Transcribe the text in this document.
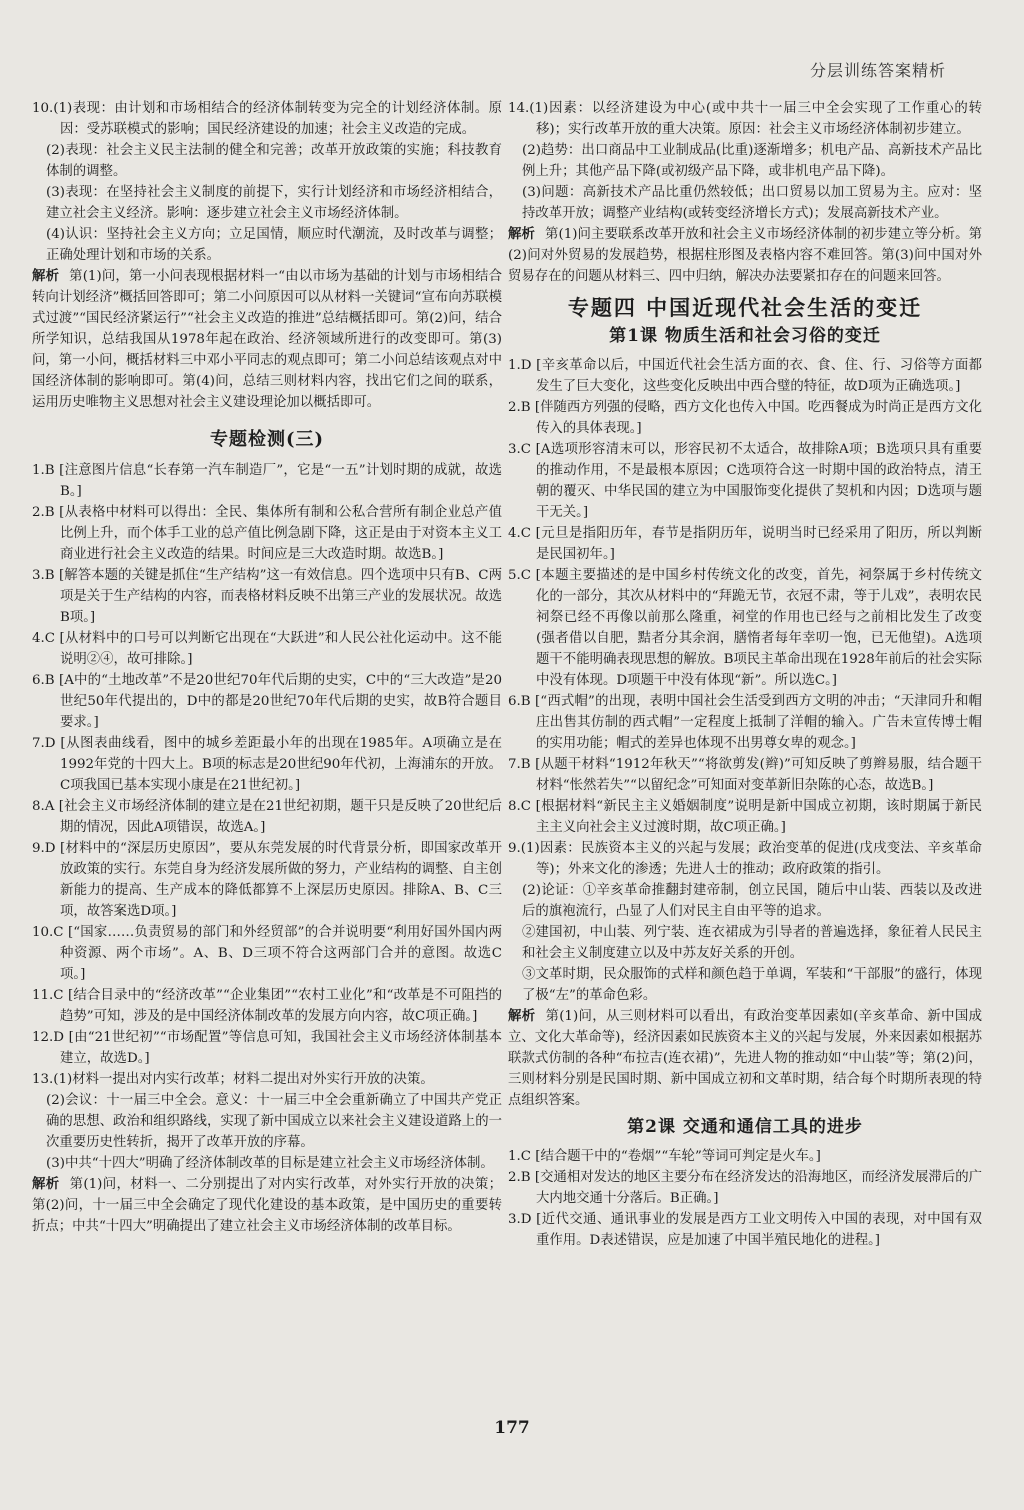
分层训练答案精析

10.(1)表现：由计划和市场相结合的经济体制转变为完全的计划经济体制。原因：受苏联模式的影响；国民经济建设的加速；社会主义改造的完成。

(2)表现：社会主义民主法制的健全和完善；改革开放政策的实施；科技教育体制的调整。

(3)表现：在坚持社会主义制度的前提下，实行计划经济和市场经济相结合，建立社会主义经济。影响：逐步建立社会主义市场经济体制。

(4)认识：坚持社会主义方向；立足国情，顺应时代潮流，及时改革与调整；正确处理计划和市场的关系。

解析 第(1)问，第一小问表现根据材料一“由以市场为基础的计划与市场相结合转向计划经济”概括回答即可；第二小问原因可以从材料一关键词“宣布向苏联模式过渡”“国民经济紧运行”“社会主义改造的推进”总结概括即可。第(2)问，结合所学知识，总结我国从1978年起在政治、经济领域所进行的改变即可。第(3)问，第一小问，概括材料三中邓小平同志的观点即可；第二小问总结该观点对中国经济体制的影响即可。第(4)问，总结三则材料内容，找出它们之间的联系，运用历史唯物主义思想对社会主义建设理论加以概括即可。

专题检测(三)

1.B [注意图片信息“长春第一汽车制造厂”，它是“一五”计划时期的成就，故选B。]

2.B [从表格中材料可以得出：全民、集体所有制和公私合营所有制企业总产值比例上升，而个体手工业的总产值比例急剧下降，这正是由于对资本主义工商业进行社会主义改造的结果。时间应是三大改造时期。故选B。]

3.B [解答本题的关键是抓住“生产结构”这一有效信息。四个选项中只有B、C两项是关于生产结构的内容，而表格材料反映不出第三产业的发展状况。故选B项。]

4.C [从材料中的口号可以判断它出现在“大跃进”和人民公社化运动中。这不能说明②④，故可排除。]

6.B [A中的“土地改革”不是20世纪70年代后期的史实，C中的“三大改造”是20世纪50年代提出的，D中的都是20世纪70年代后期的史实，故B符合题目要求。]

7.D [从图表曲线看，图中的城乡差距最小年的出现在1985年。A项确立是在1992年党的十四大上。B项的标志是20世纪90年代初，上海浦东的开放。C项我国已基本实现小康是在21世纪初。]

8.A [社会主义市场经济体制的建立是在21世纪初期，题干只是反映了20世纪后期的情况，因此A项错误，故选A。]

9.D [材料中的“深层历史原因”，要从东莞发展的时代背景分析，即国家改革开放政策的实行。东莞自身为经济发展所做的努力，产业结构的调整、自主创新能力的提高、生产成本的降低都算不上深层历史原因。排除A、B、C三项，故答案选D项。]

10.C [“国家……负责贸易的部门和外经贸部”的合并说明要“利用好国外国内两种资源、两个市场”。A、B、D三项不符合这两部门合并的意图。故选C项。]

11.C [结合目录中的“经济改革”“企业集团”“农村工业化”和“改革是不可阻挡的趋势”可知，涉及的是中国经济体制改革的发展方向内容，故C项正确。]

12.D [由“21世纪初”“市场配置”等信息可知，我国社会主义市场经济体制基本建立，故选D。]

13.(1)材料一提出对内实行改革；材料二提出对外实行开放的决策。

(2)会议：十一届三中全会。意义：十一届三中全会重新确立了中国共产党正确的思想、政治和组织路线，实现了新中国成立以来社会主义建设道路上的一次重要历史性转折，揭开了改革开放的序幕。

(3)中共“十四大”明确了经济体制改革的目标是建立社会主义市场经济体制。

解析 第(1)问，材料一、二分别提出了对内实行改革，对外实行开放的决策；第(2)问，十一届三中全会确定了现代化建设的基本政策，是中国历史的重要转折点；中共“十四大”明确提出了建立社会主义市场经济体制的改革目标。

14.(1)因素：以经济建设为中心(或中共十一届三中全会实现了工作重心的转移)；实行改革开放的重大决策。原因：社会主义市场经济体制初步建立。

(2)趋势：出口商品中工业制成品(比重)逐渐增多；机电产品、高新技术产品比例上升；其他产品下降(或初级产品下降，或非机电产品下降)。

(3)问题：高新技术产品比重仍然较低；出口贸易以加工贸易为主。应对：坚持改革开放；调整产业结构(或转变经济增长方式)；发展高新技术产业。

解析 第(1)问主要联系改革开放和社会主义市场经济体制的初步建立等分析。第(2)问对外贸易的发展趋势，根据柱形图及表格内容不难回答。第(3)问中国对外贸易存在的问题从材料三、四中归纳，解决办法要紧扣存在的问题来回答。

专题四 中国近现代社会生活的变迁
第1课 物质生活和社会习俗的变迁

1.D [辛亥革命以后，中国近代社会生活方面的衣、食、住、行、习俗等方面都发生了巨大变化，这些变化反映出中西合璧的特征，故D项为正确选项。]

2.B [伴随西方列强的侵略，西方文化也传入中国。吃西餐成为时尚正是西方文化传入的具体表现。]

3.C [A选项形容清末可以，形容民初不太适合，故排除A项；B选项只具有重要的推动作用，不是最根本原因；C选项符合这一时期中国的政治特点，清王朝的覆灭、中华民国的建立为中国服饰变化提供了契机和内因；D选项与题干无关。]

4.C [元旦是指阳历年，春节是指阴历年，说明当时已经采用了阳历，所以判断是民国初年。]

5.C [本题主要描述的是中国乡村传统文化的改变，首先，祠祭属于乡村传统文化的一部分，其次从材料中的“拜跪无节，衣冠不肃，等于儿戏”，表明农民祠祭已经不再像以前那么隆重，祠堂的作用也已经与之前相比发生了改变(强者借以自肥，黠者分其余润，膳惰者每年幸叨一饱，已无他望)。A选项题干不能明确表现思想的解放。B项民主革命出现在1928年前后的社会实际中没有体现。D项题干中没有体现“新”。所以选C。]

6.B [“西式帽”的出现，表明中国社会生活受到西方文明的冲击；“天津同升和帽庄出售其仿制的西式帽”一定程度上抵制了洋帽的输入。广告未宣传博士帽的实用功能；帽式的差异也体现不出男尊女卑的观念。]

7.B [从题干材料“1912年秋天”“将欲剪发(辫)”可知反映了剪辫易服，结合题干材料“怅然若失”“以留纪念”可知面对变革新旧杂陈的心态，故选B。]

8.C [根据材料“新民主主义婚姻制度”说明是新中国成立初期，该时期属于新民主主义向社会主义过渡时期，故C项正确。]

9.(1)因素：民族资本主义的兴起与发展；政治变革的促进(戊戌变法、辛亥革命等)；外来文化的渗透；先进人士的推动；政府政策的指引。

(2)论证：①辛亥革命推翻封建帝制，创立民国，随后中山装、西装以及改进后的旗袍流行，凸显了人们对民主自由平等的追求。

②建国初，中山装、列宁装、连衣裙成为引导者的普遍选择，象征着人民民主和社会主义制度建立以及中苏友好关系的开创。

③文革时期，民众服饰的式样和颜色趋于单调，军装和“干部服”的盛行，体现了极“左”的革命色彩。

解析 第(1)问，从三则材料可以看出，有政治变革因素如(辛亥革命、新中国成立、文化大革命等)，经济因素如民族资本主义的兴起与发展，外来因素如根据苏联款式仿制的各种“布拉吉(连衣裙)”，先进人物的推动如“中山装”等；第(2)问，三则材料分别是民国时期、新中国成立初和文革时期，结合每个时期所表现的特点组织答案。

第2课 交通和通信工具的进步

1.C [结合题干中的“卷烟”“车轮”等词可判定是火车。]

2.B [交通相对发达的地区主要分布在经济发达的沿海地区，而经济发展滞后的广大内地交通十分落后。B正确。]

3.D [近代交通、通讯事业的发展是西方工业文明传入中国的表现，对中国有双重作用。D表述错误，应是加速了中国半殖民地化的进程。]

177
